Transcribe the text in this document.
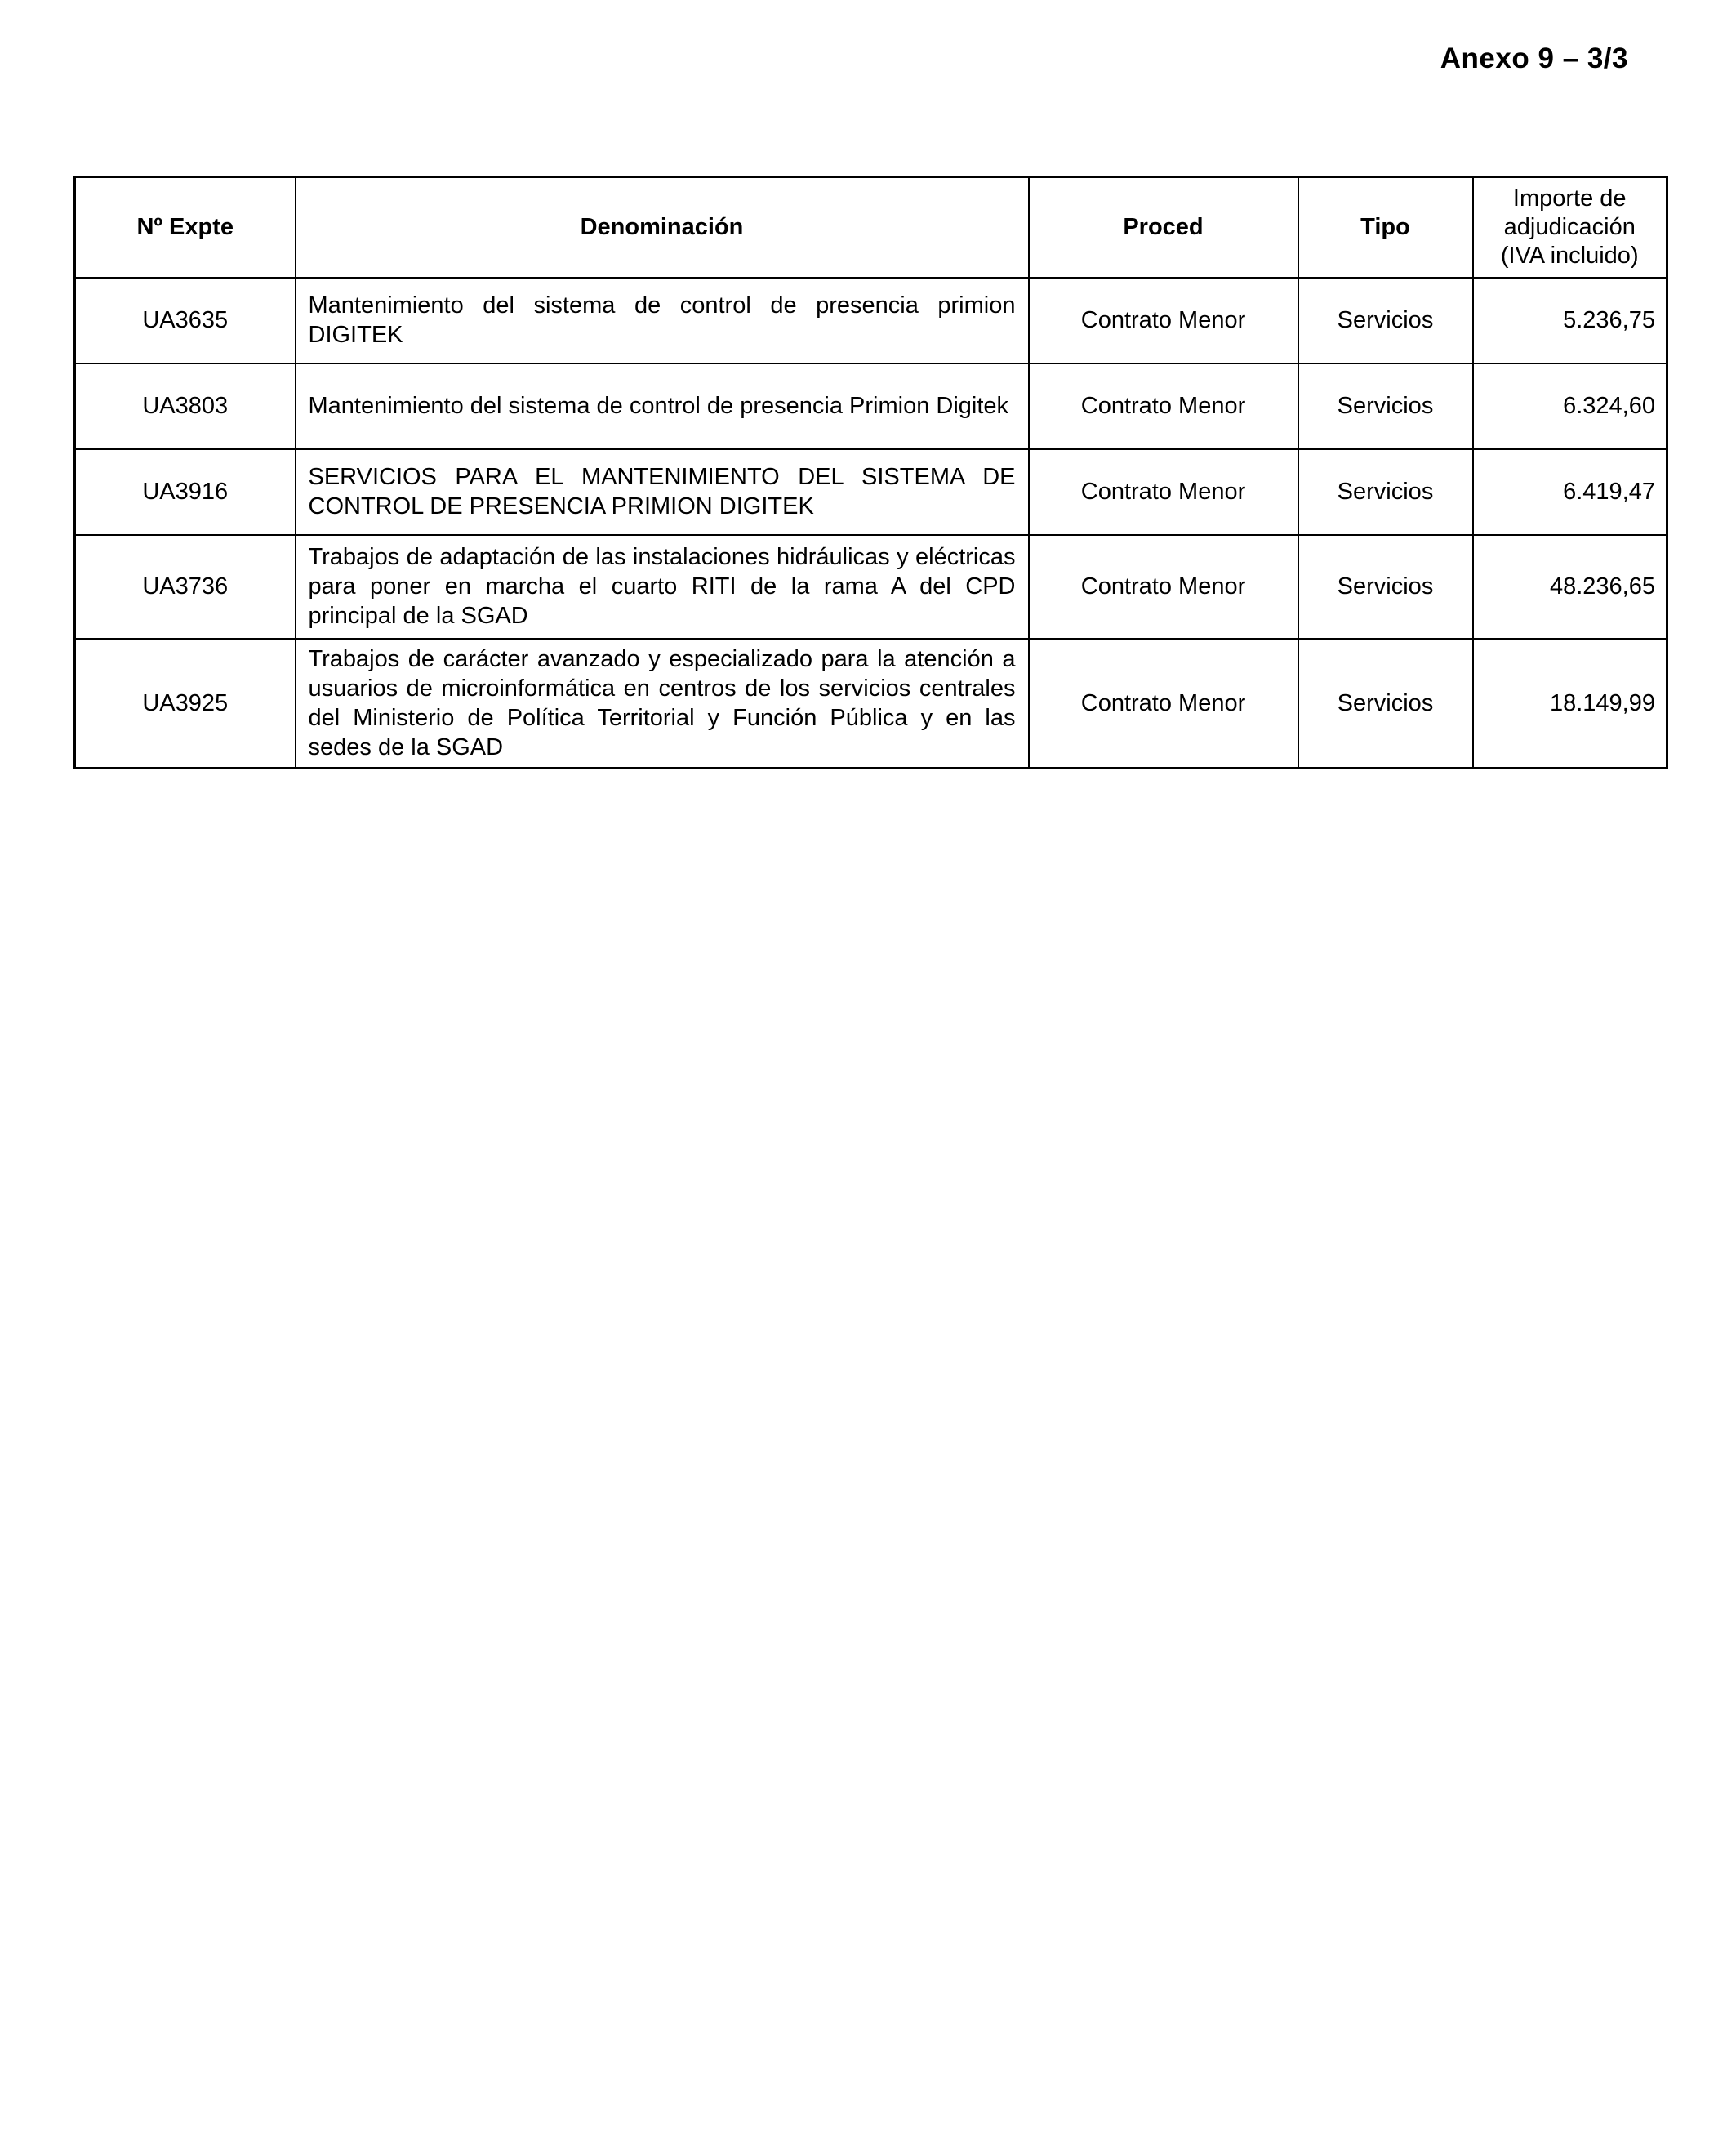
Anexo 9 – 3/3
Nº Expte	Denominación	Proced	Tipo	Importe de adjudicación (IVA incluido)
UA3635	Mantenimiento del sistema de control de presencia primion DIGITEK	Contrato Menor	Servicios	5.236,75
UA3803	Mantenimiento del sistema de control de presencia Primion Digitek	Contrato Menor	Servicios	6.324,60
UA3916	SERVICIOS PARA EL MANTENIMIENTO DEL SISTEMA DE CONTROL DE PRESENCIA PRIMION DIGITEK	Contrato Menor	Servicios	6.419,47
UA3736	Trabajos de adaptación de las instalaciones hidráulicas y eléctricas para poner en marcha el cuarto RITI de la rama A del CPD principal de la SGAD	Contrato Menor	Servicios	48.236,65
UA3925	Trabajos de carácter avanzado y especializado para la atención a usuarios de microinformática en centros de los servicios centrales del Ministerio de Política Territorial y Función Pública y en las sedes de la SGAD	Contrato Menor	Servicios	18.149,99
